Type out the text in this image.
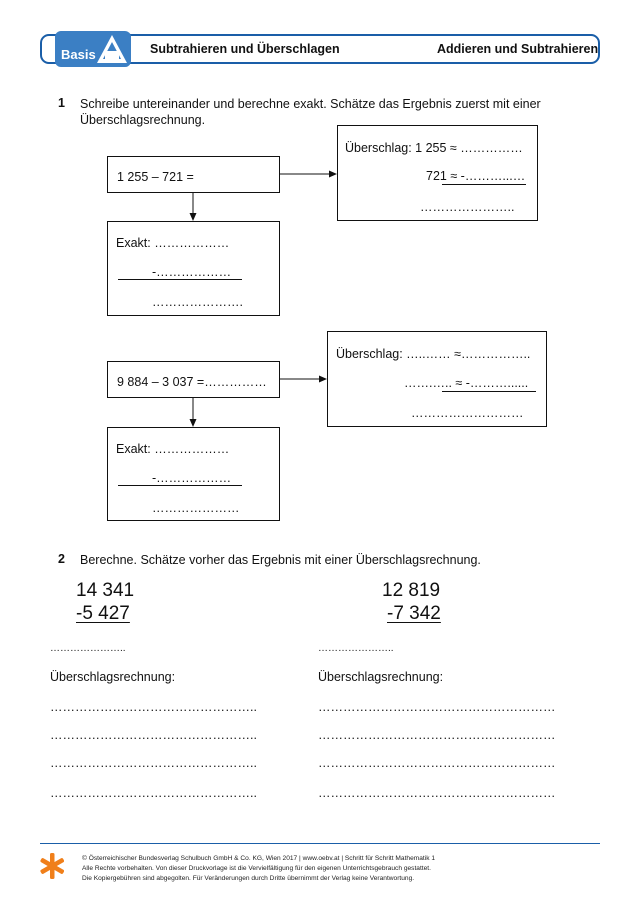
Basis	Subtrahieren und Überschlagen	Addieren und Subtrahieren
1 Schreibe untereinander und berechne exakt. Schätze das Ergebnis zuerst mit einer Überschlagsrechnung.
1 255 – 721 =
Überschlag: 1 255 ≈ ……………
721 ≈ -………...…
…………………..
Exakt: ………………
-………………
………………….
9 884 – 3 037 =……………
Überschlag: …..…… ≈……………..
…….….. ≈ -………......
………………………
Exakt: ………………
-………………
…………………
2 Berechne. Schätze vorher das Ergebnis mit einer Überschlagsrechnung.
14 341
-5 427
…………………..
Überschlagsrechnung:
…………………………………………..
…………………………………………..
…………………………………………..
…………………………………………..
12 819
-7 342
…………………..
Überschlagsrechnung:
…………………………………………………
…………………………………………………
…………………………………………………
…………………………………………………
© Österreichischer Bundesverlag Schulbuch GmbH & Co. KG, Wien 2017 | www.oebv.at | Schritt für Schritt Mathematik 1
Alle Rechte vorbehalten. Von dieser Druckvorlage ist die Vervielfältigung für den eigenen Unterrichtsgebrauch gestattet.
Die Kopiergebühren sind abgegolten. Für Veränderungen durch Dritte übernimmt der Verlag keine Verantwortung.
